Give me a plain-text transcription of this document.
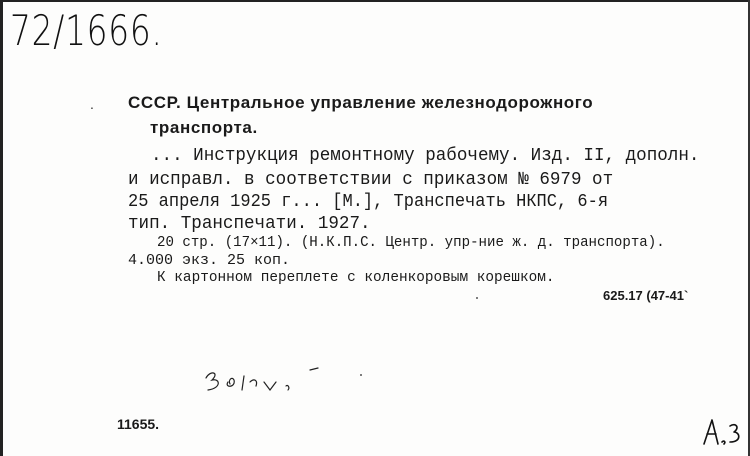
72/1666.
. СССР. Центральное управление железнодорожного
транспорта.
... Инструкция ремонтному рабочему. Изд. II, дополн.
и исправл. в соответствии с приказом № 6979 от
25 апреля 1925 г... [М.], Транспечать НКПС, 6-я
тип. Транспечати. 1927.
20 стр. (17×11). (Н.К.П.С. Центр. упр-ние ж. д. транспорта).
4.000 экз. 25 коп.
К картонном переплете с коленкоровым корешком.
625.17 (47-41`
11655.
